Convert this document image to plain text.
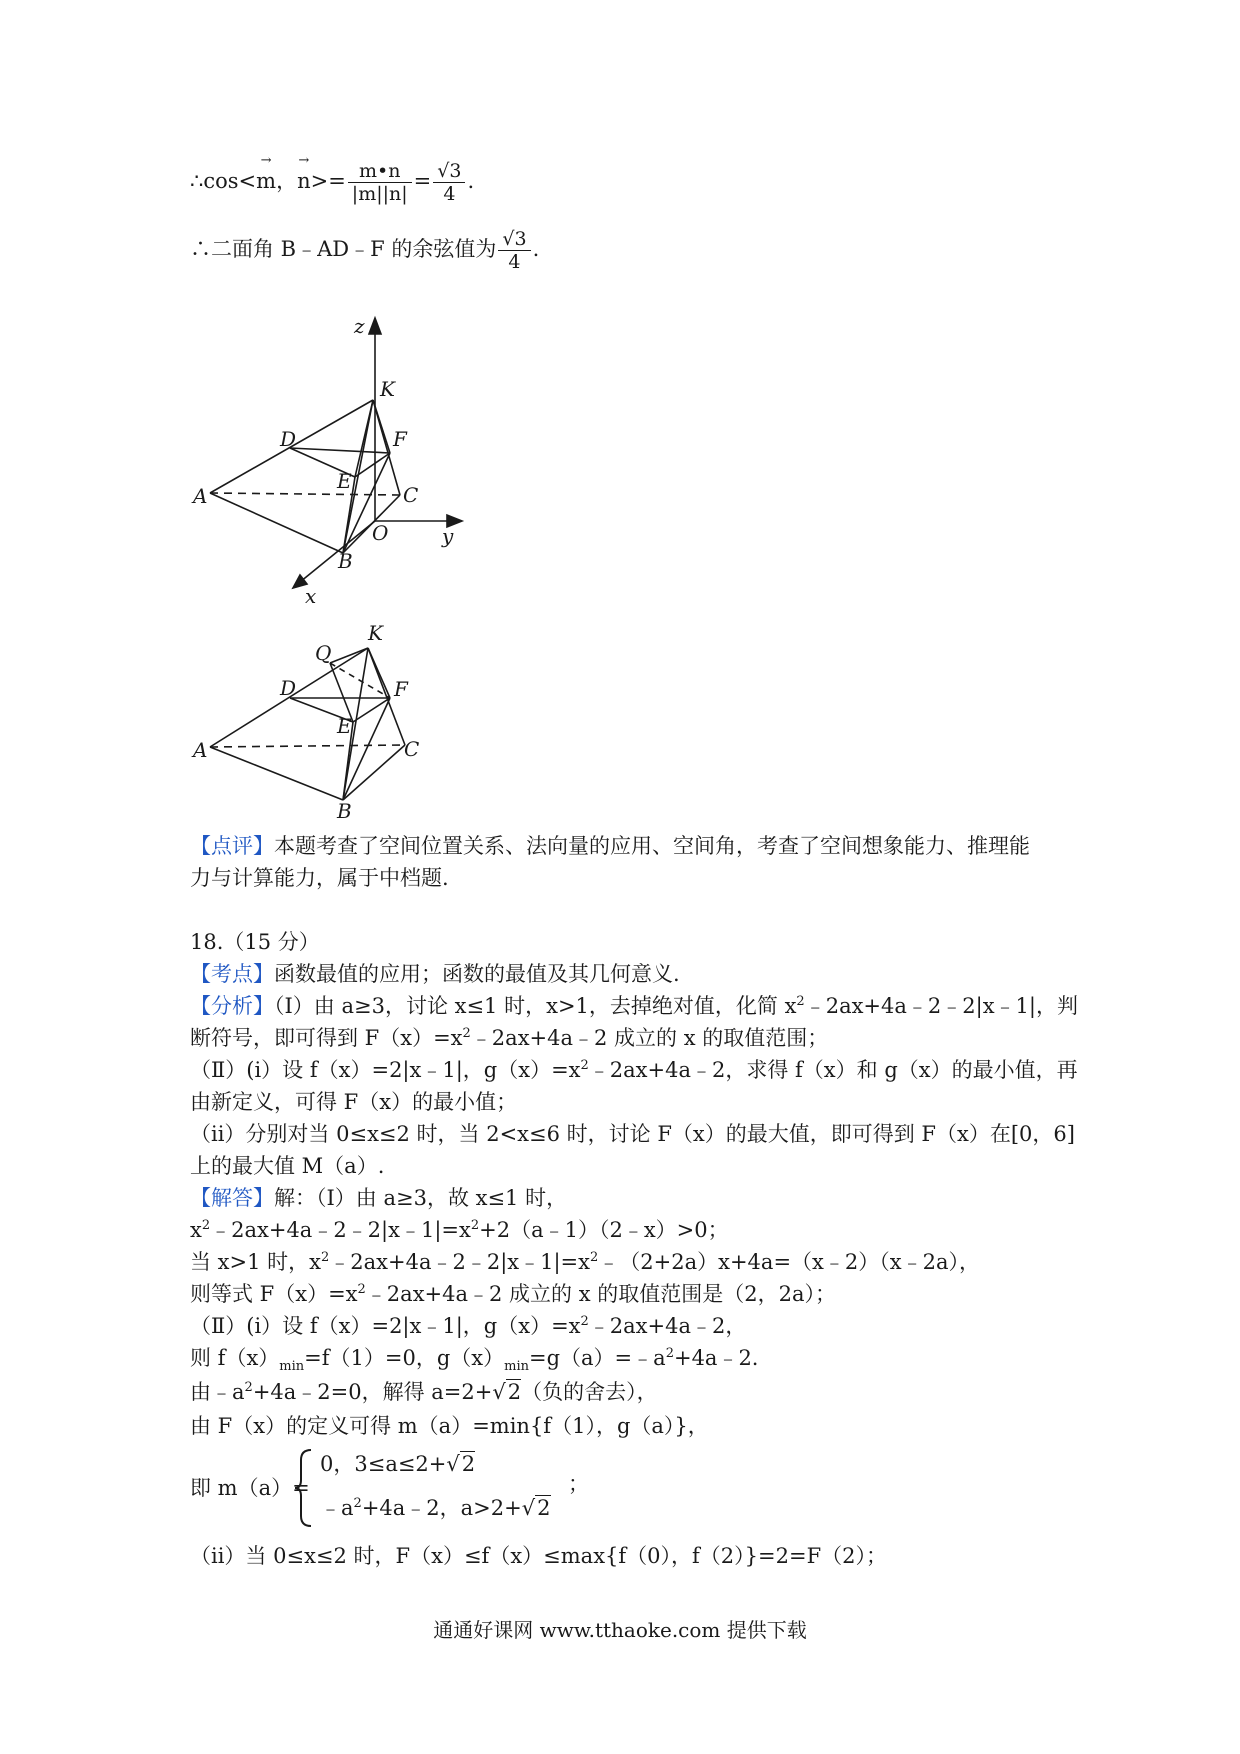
∴cos<→ m，→ $n>= \frac{m•n}{|m||n|} = \frac{√3}{4}$ .
∴二面角 B﹣AD﹣F 的余弦值为 $\frac{√3}{4}$ .
z
K
D	F
E
A	C
O	y
B
x
K
Q
D	F
E
A	C
B
【点评】本题考查了空间位置关系、法向量的应用、空间角，考查了空间想象能力、推理能
力与计算能力，属于中档题.
18.（15 分）
【考点】函数最值的应用；函数的最值及其几何意义.
【分析】（Ⅰ）由 a≥3，讨论 x≤1 时，x>1，去掉绝对值，化简 $x^2﹣2ax+4a﹣2﹣2|x﹣1|$，判
断符号，即可得到 $F(x)=x^2﹣2ax+4a﹣2$ 成立的 x 的取值范围；
（Ⅱ）(i）设 f（x）=2|x﹣1|，$g(x)=x^2﹣2ax+4a﹣2$，求得 f（x）和 g（x）的最小值，再
由新定义，可得 F（x）的最小值；
（ii）分别对当 0≤x≤2 时，当 2<x≤6 时，讨论 F（x）的最大值，即可得到 F（x）在[0，6]
上的最大值 M（a）.
【解答】解：（Ⅰ）由 a≥3，故 x≤1 时，
$x^2﹣2ax+4a﹣2﹣2|x﹣1|=x^2+2(a﹣1)(2﹣x)>0$；
当 x>1 时，$x^2﹣2ax+4a﹣2﹣2|x﹣1|=x^2﹣(2+2a)x+4a=(x﹣2)(x﹣2a)$，
则等式 $F(x)=x^2﹣2ax+4a﹣2$ 成立的 x 的取值范围是（2，2a）；
（Ⅱ）(i）设 f（x）=2|x﹣1|，$g(x)=x^2﹣2ax+4a﹣2$，
则 $f(x)_{min}=f(1)=0$，$g(x)_{min}=g(a)=﹣a^2+4a﹣2$.
由$﹣a^2+4a﹣2=0$，解得 a=2+√2（负的舍去），
由 F（x）的定义可得 m（a）=min{f（1），g（a）}，
即 m（a）=
0，3≤a≤2+√2
$﹣a^2+4a﹣2$，a>2+√2
；
（ii）当 0≤x≤2 时，F（x）≤f（x）≤max{f（0），f（2）}=2=F（2）；
通通好课网 www.tthaoke.com 提供下载
